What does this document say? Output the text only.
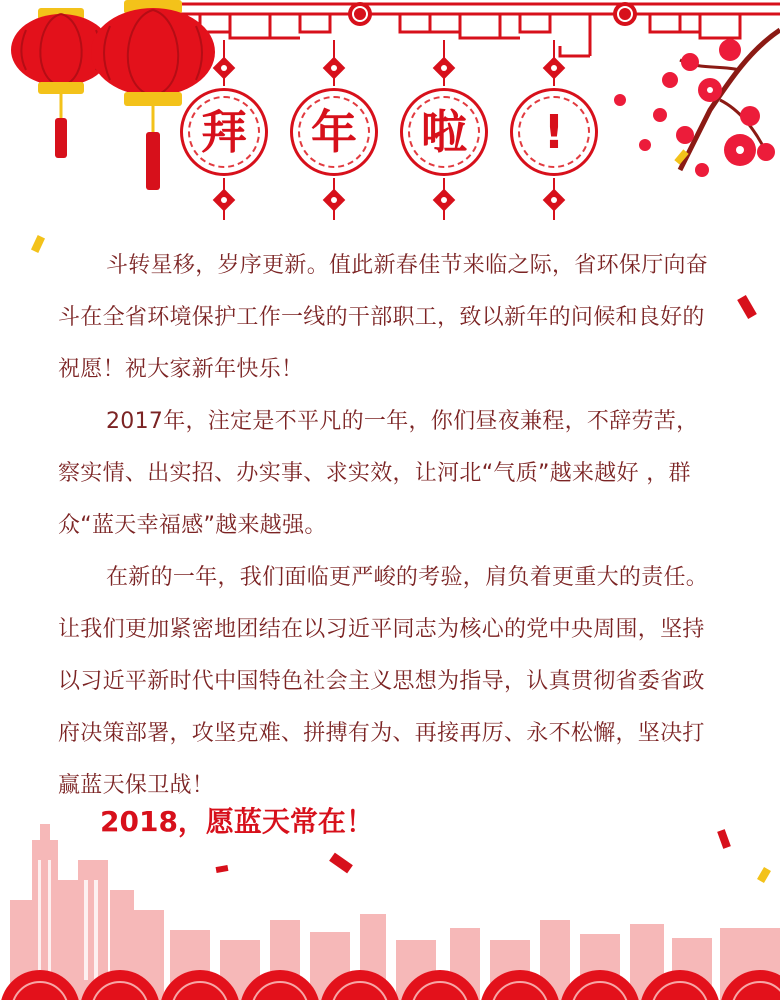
拜 年 啦 !

斗转星移，岁序更新。值此新春佳节来临之际，省环保厅向奋斗在全省环境保护工作一线的干部职工，致以新年的问候和良好的祝愿！祝大家新年快乐！

2017年，注定是不平凡的一年，你们昼夜兼程，不辞劳苦，察实情、出实招、办实事、求实效，让河北“气质”越来越好 ，群众“蓝天幸福感”越来越强。

在新的一年，我们面临更严峻的考验，肩负着更重大的责任。让我们更加紧密地团结在以习近平同志为核心的党中央周围，坚持以习近平新时代中国特色社会主义思想为指导，认真贯彻省委省政府决策部署，攻坚克难、拼搏有为、再接再厉、永不松懈，坚决打赢蓝天保卫战！

2018，愿蓝天常在！
